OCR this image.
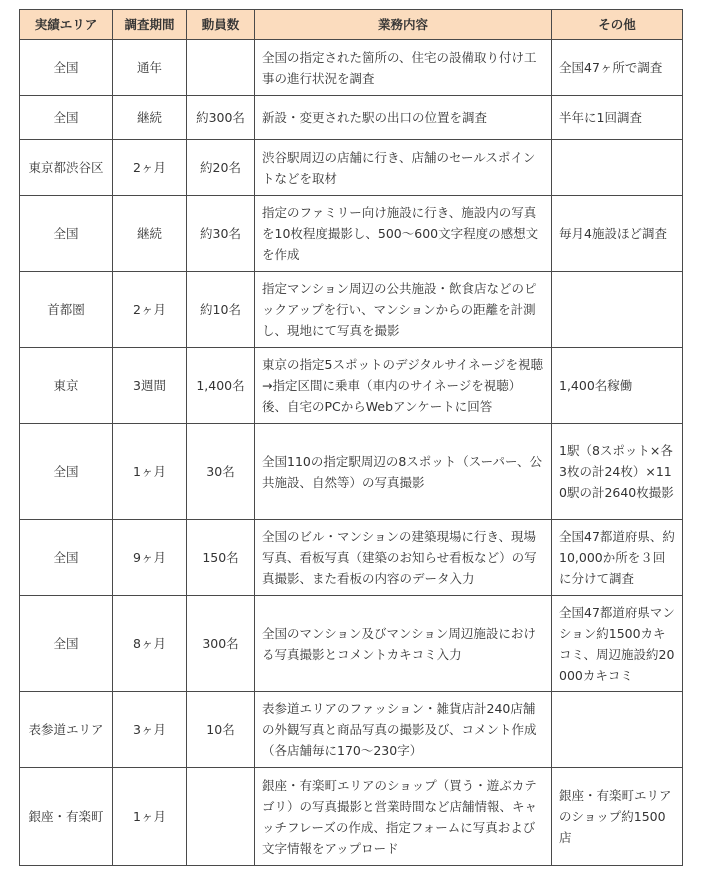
実績エリア	調査期間	動員数	業務内容	その他
全国	通年		全国の指定された箇所の、住宅の設備取り付け工事の進行状況を調査	全国47ヶ所で調査
全国	継続	約300名	新設・変更された駅の出口の位置を調査	半年に1回調査
東京都渋谷区	2ヶ月	約20名	渋谷駅周辺の店舗に行き、店舗のセールスポイントなどを取材	
全国	継続	約30名	指定のファミリー向け施設に行き、施設内の写真を10枚程度撮影し、500～600文字程度の感想文を作成	毎月4施設ほど調査
首都圏	2ヶ月	約10名	指定マンション周辺の公共施設・飲食店などのピックアップを行い、マンションからの距離を計測し、現地にて写真を撮影	
東京	3週間	1,400名	東京の指定5スポットのデジタルサイネージを視聴→指定区間に乗車（車内のサイネージを視聴）後、自宅のPCからWebアンケートに回答	1,400名稼働
全国	1ヶ月	30名	全国110の指定駅周辺の8スポット（スーパー、公共施設、自然等）の写真撮影	1駅（8スポット×各3枚の計24枚）×110駅の計2640枚撮影
全国	9ヶ月	150名	全国のビル・マンションの建築現場に行き、現場写真、看板写真（建築のお知らせ看板など）の写真撮影、また看板の内容のデータ入力	全国47都道府県、約10,000か所を３回に分けて調査
全国	8ヶ月	300名	全国のマンション及びマンション周辺施設における写真撮影とコメントカキコミ入力	全国47都道府県マンション約1500カキコミ、周辺施設約20000カキコミ
表参道エリア	3ヶ月	10名	表参道エリアのファッション・雑貨店計240店舗の外観写真と商品写真の撮影及び、コメント作成（各店舗毎に170～230字）	
銀座・有楽町	1ヶ月		銀座・有楽町エリアのショップ（買う・遊ぶカテゴリ）の写真撮影と営業時間など店舗情報、キャッチフレーズの作成、指定フォームに写真および文字情報をアップロード	銀座・有楽町エリアのショップ約1500店
